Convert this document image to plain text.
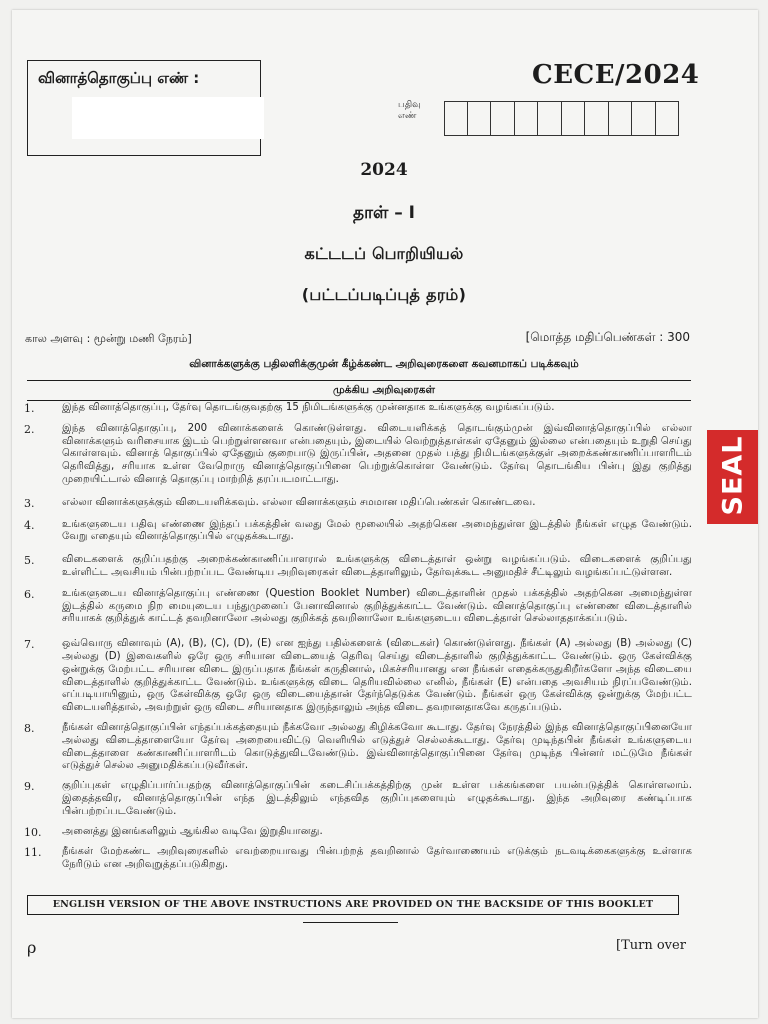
வினாத்தொகுப்பு எண் :	CECE/2024
பதிவு
எண்
2024
தாள் – I
கட்டடப் பொறியியல்
(பட்டப்படிப்புத் தரம்)
கால அளவு : மூன்று மணி நேரம்]	[மொத்த மதிப்பெண்கள் : 300
வினாக்களுக்கு பதிலளிக்குமுன் கீழ்க்கண்ட அறிவுரைகளை கவனமாகப் படிக்கவும்
முக்கிய அறிவுரைகள்
1.	இந்த வினாத்தொகுப்பு, தேர்வு தொடங்குவதற்கு 15 நிமிடங்களுக்கு முன்னதாக உங்களுக்கு வழங்கப்படும்.
2.	இந்த வினாத்தொகுப்பு, 200 வினாக்களைக் கொண்டுள்ளது. விடையளிக்கத் தொடங்கும்முன் இவ்வினாத்தொகுப்பில் எல்லா வினாக்களும் வரிசையாக இடம் பெற்றுள்ளனவா என்பதையும், இடையில் வெற்றுத்தாள்கள் ஏதேனும் இல்லை என்பதையும் உறுதி செய்து கொள்ளவும். வினாத் தொகுப்பில் ஏதேனும் குறைபாடு இருப்பின், அதனை முதல் பத்து நிமிடங்களுக்குள் அறைக்கண்காணிப்பாளரிடம் தெரிவித்து, சரியாக உள்ள வேறொரு வினாத்தொகுப்பினை பெற்றுக்கொள்ள வேண்டும். தேர்வு தொடங்கிய பின்பு இது குறித்து முறையிட்டால் வினாத் தொகுப்பு மாற்றித் தரப்படமாட்டாது.
3.	எல்லா வினாக்களுக்கும் விடையளிக்கவும். எல்லா வினாக்களும் சமமான மதிப்பெண்கள் கொண்டவை.
4.	உங்களுடைய பதிவு எண்ணை இந்தப் பக்கத்தின் வலது மேல் மூலையில் அதற்கென அமைந்துள்ள இடத்தில் நீங்கள் எழுத வேண்டும். வேறு எதையும் வினாத்தொகுப்பில் எழுதக்கூடாது.
5.	விடைகளைக் குறிப்பதற்கு அறைக்கண்காணிப்பாளரால் உங்களுக்கு விடைத்தாள் ஒன்று வழங்கப்படும். விடைகளைக் குறிப்பது உள்ளிட்ட அவசியம் பின்பற்றப்பட வேண்டிய அறிவுரைகள் விடைத்தாளிலும், தேர்வுக்கூட அனுமதிச் சீட்டிலும் வழங்கப்பட்டுள்ளன.
6.	உங்களுடைய வினாத்தொகுப்பு எண்ணை (Question Booklet Number) விடைத்தாளின் முதல் பக்கத்தில் அதற்கென அமைந்துள்ள இடத்தில் கருமை நிற மையுடைய பந்துமுனைப் பேனாவினால் குறித்துக்காட்ட வேண்டும். வினாத்தொகுப்பு எண்ணை விடைத்தாளில் சரியாகக் குறித்துக் காட்டத் தவறினாலோ அல்லது குறிக்கத் தவறினாலோ உங்களுடைய விடைத்தாள் செல்லாததாக்கப்படும்.
7.	ஒவ்வொரு வினாவும் (A), (B), (C), (D), (E) என ஐந்து பதில்களைக் (விடைகள்) கொண்டுள்ளது. நீங்கள் (A) அல்லது (B) அல்லது (C) அல்லது (D) இவைகளில் ஒரே ஒரு சரியான விடையைத் தெரிவு செய்து விடைத்தாளில் குறித்துக்காட்ட வேண்டும். ஒரு கேள்விக்கு ஒன்றுக்கு மேற்பட்ட சரியான விடை இருப்பதாக நீங்கள் கருதினால், மிகச்சரியானது என நீங்கள் எதைக்கருதுகிறீர்களோ அந்த விடையை விடைத்தாளில் குறித்துக்காட்ட வேண்டும். உங்களுக்கு விடை தெரியவில்லை எனில், நீங்கள் (E) என்பதை அவசியம் நிரப்பவேண்டும். எப்படியாயினும், ஒரு கேள்விக்கு ஒரே ஒரு விடையைத்தான் தேர்ந்தெடுக்க வேண்டும். நீங்கள் ஒரு கேள்விக்கு ஒன்றுக்கு மேற்பட்ட விடையளித்தால், அவற்றுள் ஒரு விடை சரியானதாக இருந்தாலும் அந்த விடை தவறானதாகவே கருதப்படும்.
8.	நீங்கள் வினாத்தொகுப்பின் எந்தப்பக்கத்தையும் நீக்கவோ அல்லது கிழிக்கவோ கூடாது. தேர்வு நேரத்தில் இந்த வினாத்தொகுப்பினையோ அல்லது விடைத்தாளையோ தேர்வு அறையைவிட்டு வெளியில் எடுத்துச் செல்லக்கூடாது. தேர்வு முடிந்தபின் நீங்கள் உங்களுடைய விடைத்தாளை கண்காணிப்பாளரிடம் கொடுத்துவிடவேண்டும். இவ்வினாத்தொகுப்பினை தேர்வு முடிந்த பின்னர் மட்டுமே நீங்கள் எடுத்துச் செல்ல அனுமதிக்கப்படுவீர்கள்.
9.	குறிப்புகள் எழுதிப்பார்ப்பதற்கு வினாத்தொகுப்பின் கடைசிப்பக்கத்திற்கு முன் உள்ள பக்கங்களை பயன்படுத்திக் கொள்ளலாம். இதைத்தவிர, வினாத்தொகுப்பின் எந்த இடத்திலும் எந்தவித குறிப்புகளையும் எழுதக்கூடாது. இந்த அறிவுரை கண்டிப்பாக பின்பற்றப்படவேண்டும்.
10.	அனைத்து இனங்களிலும் ஆங்கில வடிவே இறுதியானது.
11.	நீங்கள் மேற்கண்ட அறிவுரைகளில் எவற்றையாவது பின்பற்றத் தவறினால் தேர்வாணையம் எடுக்கும் நடவடிக்கைகளுக்கு உள்ளாக நேரிடும் என அறிவுறுத்தப்படுகிறது.
ENGLISH VERSION OF THE ABOVE INSTRUCTIONS ARE PROVIDED ON THE BACKSIDE OF THIS BOOKLET
ρ	[Turn over
SEAL
